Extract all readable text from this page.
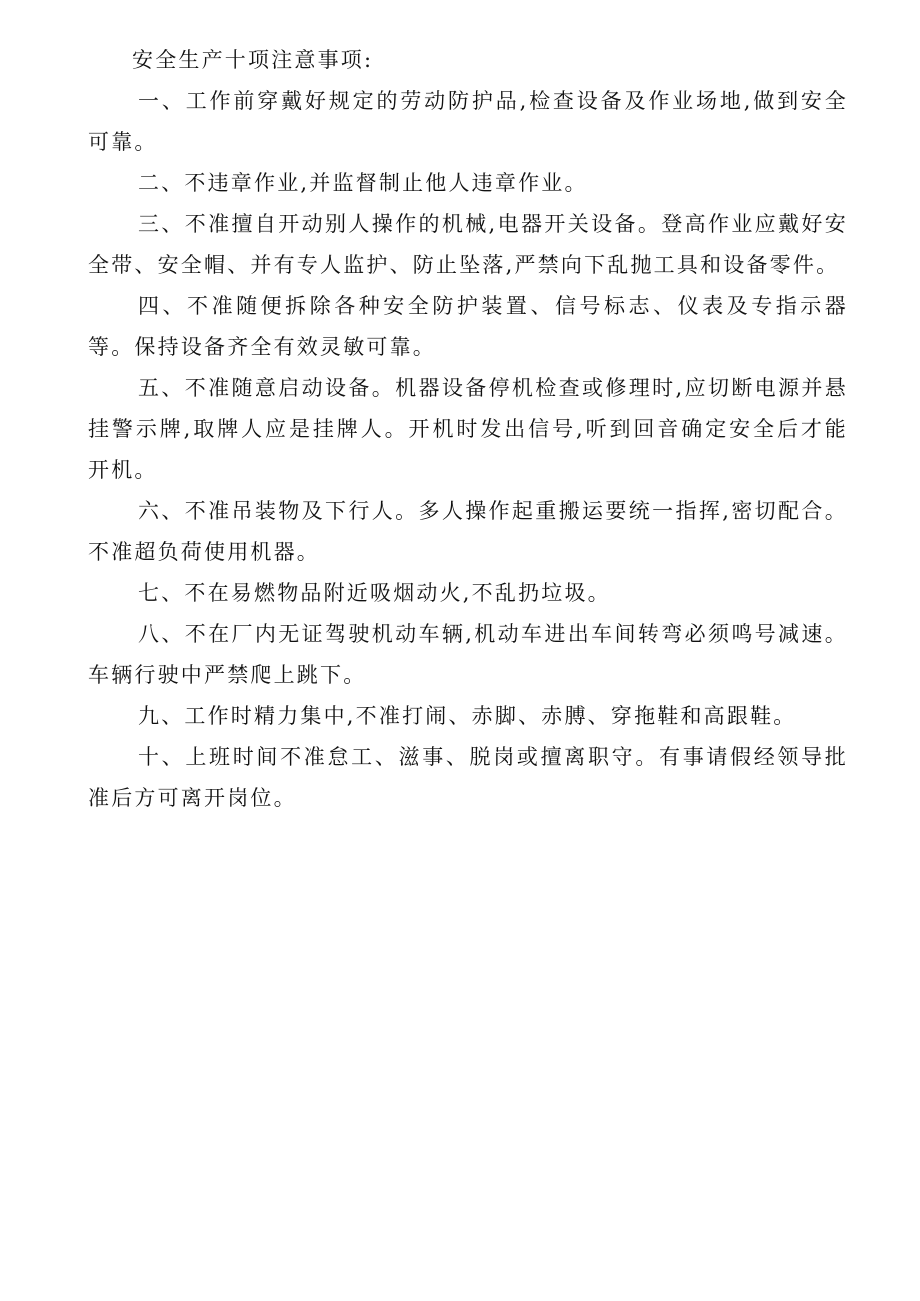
安全生产十项注意事项:

一、工作前穿戴好规定的劳动防护品,检查设备及作业场地,做到安全可靠。

二、不违章作业,并监督制止他人违章作业。

三、不准擅自开动别人操作的机械,电器开关设备。登高作业应戴好安全带、安全帽、并有专人监护、防止坠落,严禁向下乱抛工具和设备零件。

四、不准随便拆除各种安全防护装置、信号标志、仪表及专指示器等。保持设备齐全有效灵敏可靠。

五、不准随意启动设备。机器设备停机检查或修理时,应切断电源并悬挂警示牌,取牌人应是挂牌人。开机时发出信号,听到回音确定安全后才能开机。

六、不准吊装物及下行人。多人操作起重搬运要统一指挥,密切配合。不准超负荷使用机器。

七、不在易燃物品附近吸烟动火,不乱扔垃圾。

八、不在厂内无证驾驶机动车辆,机动车进出车间转弯必须鸣号减速。车辆行驶中严禁爬上跳下。

九、工作时精力集中,不准打闹、赤脚、赤膊、穿拖鞋和高跟鞋。

十、上班时间不准怠工、滋事、脱岗或擅离职守。有事请假经领导批准后方可离开岗位。
